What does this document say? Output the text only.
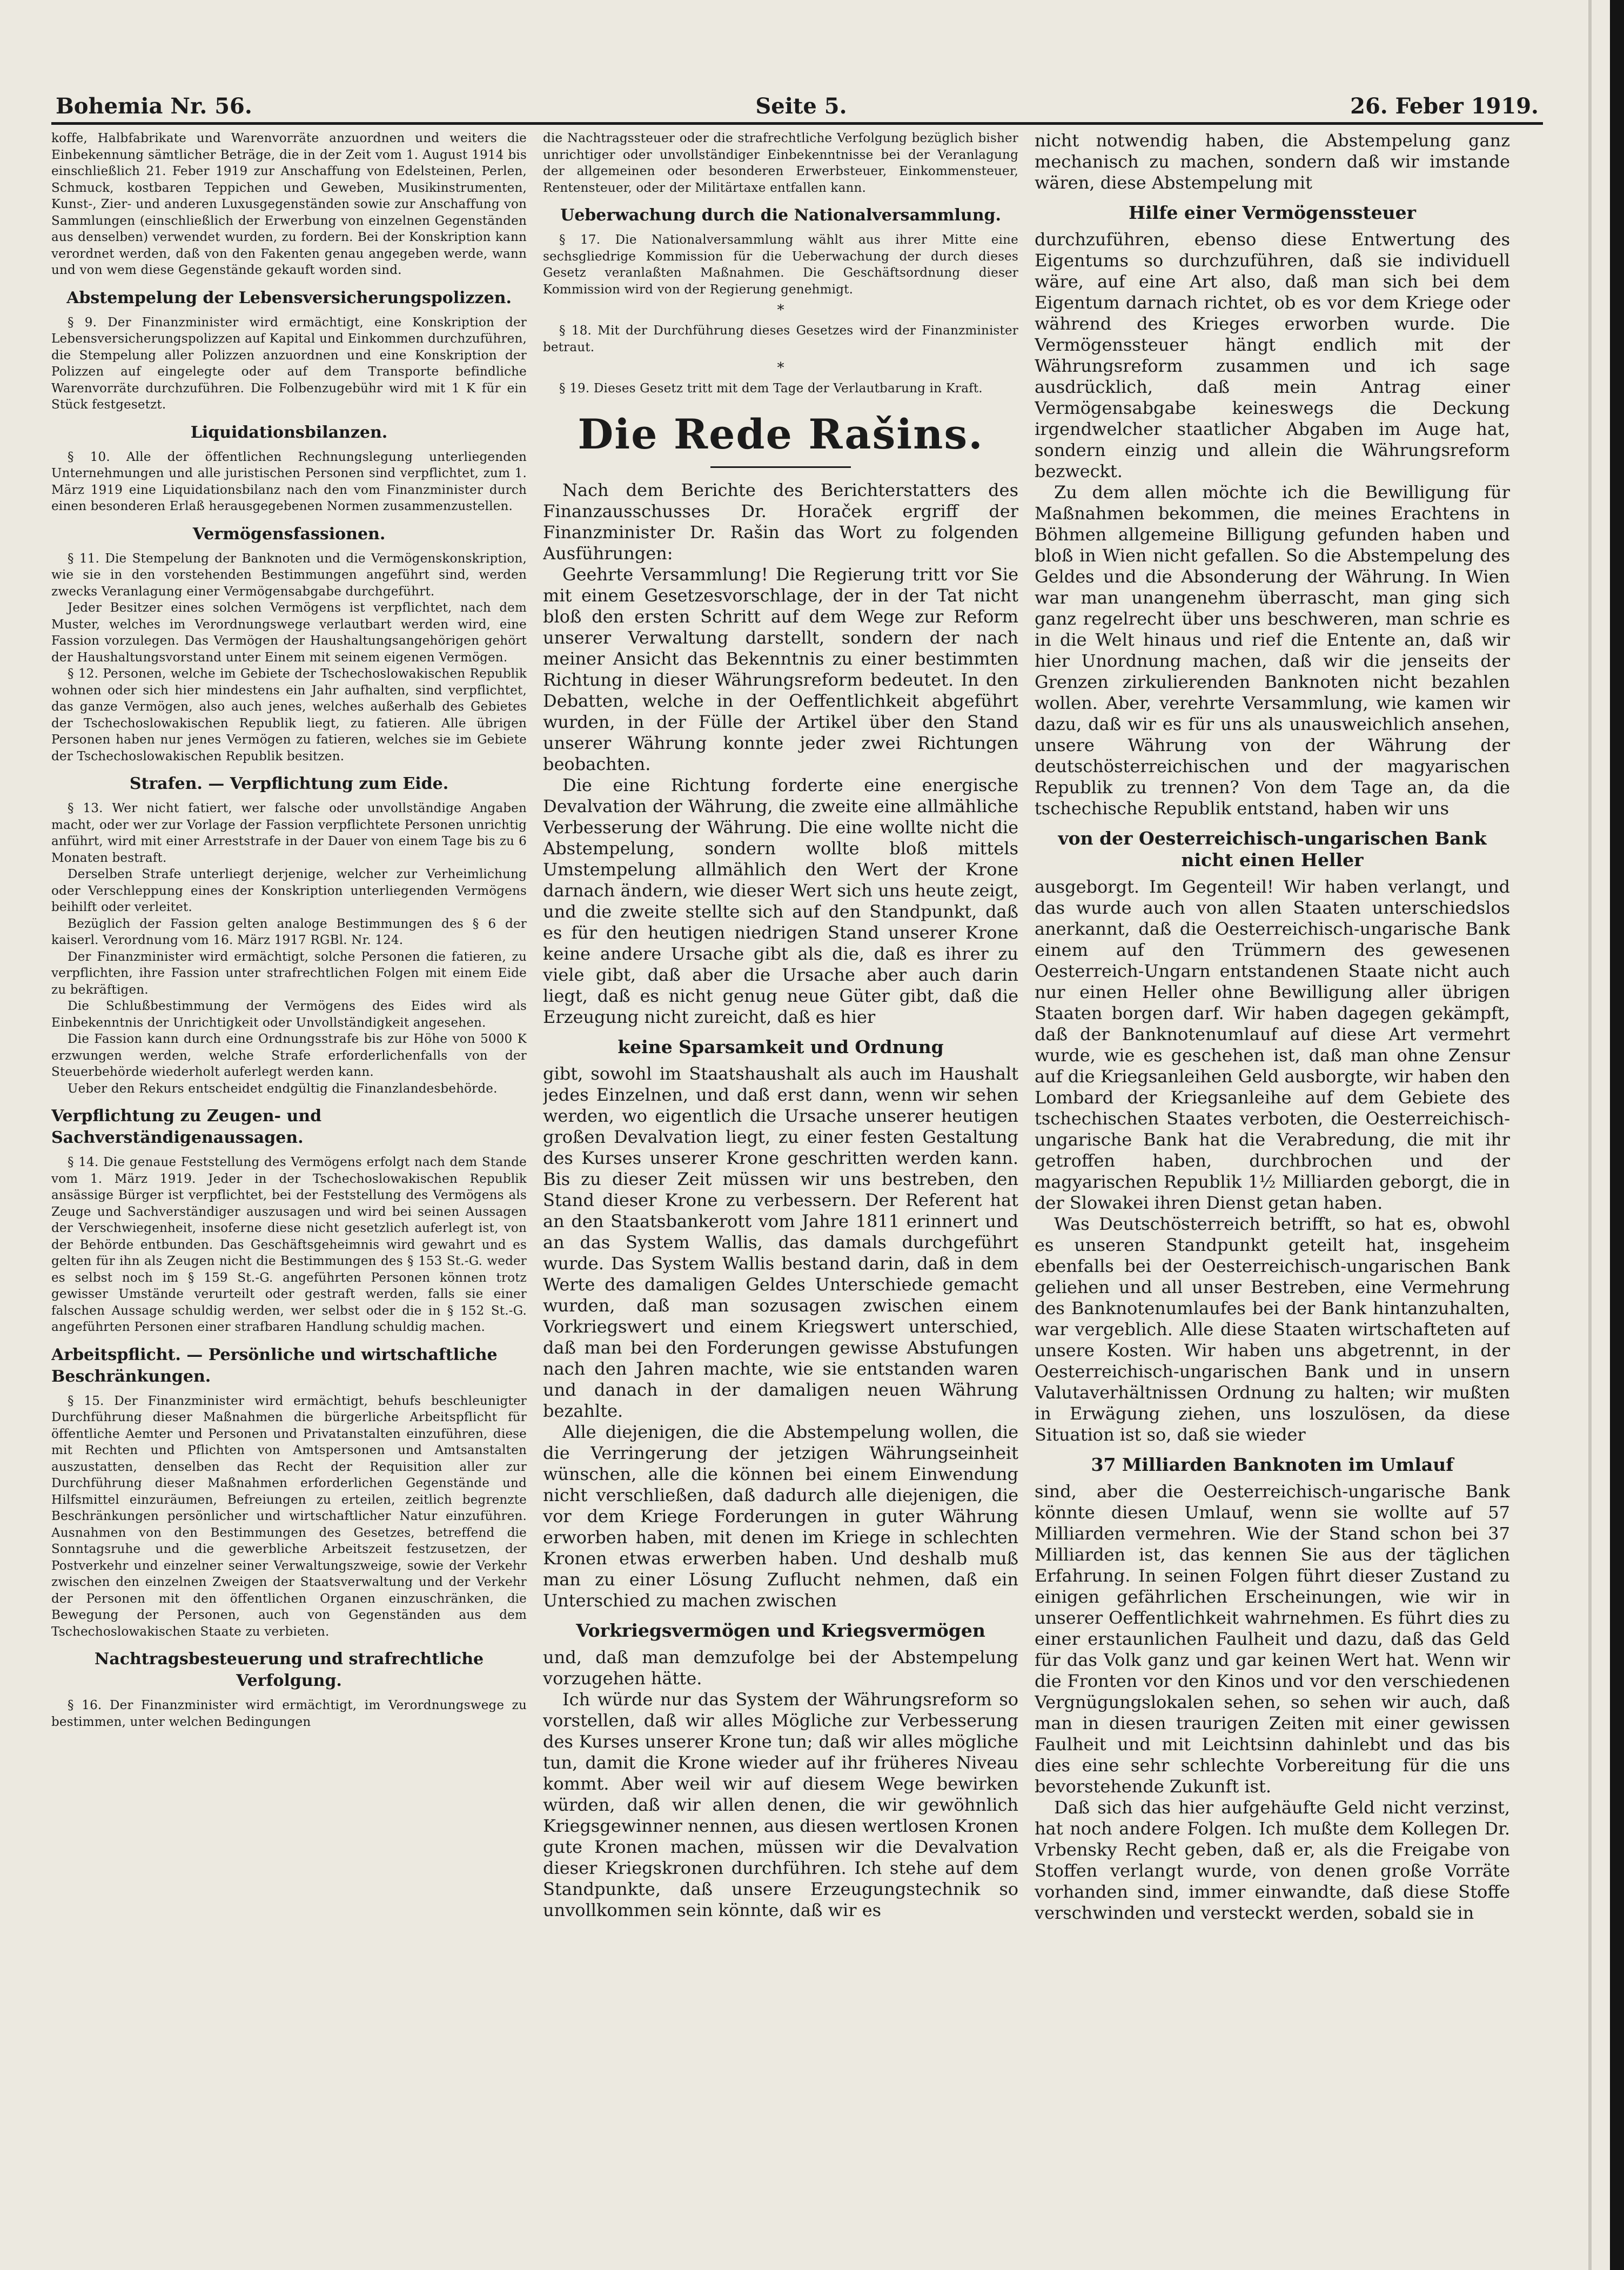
Bohemia Nr. 56.	Seite 5.	26. Feber 1919.

koffe, Halbfabrikate und Warenvorräte anzuordnen und weiters die Einbekennung sämtlicher Beträge, die in der Zeit vom 1. August 1914 bis einschließlich 21. Feber 1919 zur Anschaffung von Edelsteinen, Perlen, Schmuck, kostbaren Teppichen und Geweben, Musikinstrumenten, Kunst-, Zier- und anderen Luxusgegenständen sowie zur Anschaffung von Sammlungen (einschließlich der Erwerbung von einzelnen Gegenständen aus denselben) verwendet wurden, zu fordern. Bei der Konskription kann verordnet werden, daß von den Fakenten genau angegeben werde, wann und von wem diese Gegenstände gekauft worden sind.

Abstempelung der Lebensversicherungspolizzen.

§ 9. Der Finanzminister wird ermächtigt, eine Konskription der Lebensversicherungspolizzen auf Kapital und Einkommen durchzuführen, die Stempelung aller Polizzen anzuordnen und eine Konskription der Polizzen auf eingelegte oder auf dem Transporte befindliche Warenvorräte durchzuführen. Die Folbenzugebühr wird mit 1 K für ein Stück festgesetzt.

Liquidationsbilanzen.

§ 10. Alle der öffentlichen Rechnungslegung unterliegenden Unternehmungen und alle juristischen Personen sind verpflichtet, zum 1. März 1919 eine Liquidationsbilanz nach den vom Finanzminister durch einen besonderen Erlaß herausgegebenen Normen zusammenzustellen.

Vermögensfassionen.

§ 11. Die Stempelung der Banknoten und die Vermögenskonskription, wie sie in den vorstehenden Bestimmungen angeführt sind, werden zwecks Veranlagung einer Vermögensabgabe durchgeführt.

Jeder Besitzer eines solchen Vermögens ist verpflichtet, nach dem Muster, welches im Verordnungswege verlautbart werden wird, eine Fassion vorzulegen. Das Vermögen der Haushaltungsangehörigen gehört der Haushaltungsvorstand unter Einem mit seinem eigenen Vermögen.

§ 12. Personen, welche im Gebiete der Tschechoslowakischen Republik wohnen oder sich hier mindestens ein Jahr aufhalten, sind verpflichtet, das ganze Vermögen, also auch jenes, welches außerhalb des Gebietes der Tschechoslowakischen Republik liegt, zu fatieren. Alle übrigen Personen haben nur jenes Vermögen zu fatieren, welches sie im Gebiete der Tschechoslowakischen Republik besitzen.

Strafen. — Verpflichtung zum Eide.

§ 13. Wer nicht fatiert, wer falsche oder unvollständige Angaben macht, oder wer zur Vorlage der Fassion verpflichtete Personen unrichtig anführt, wird mit einer Arreststrafe in der Dauer von einem Tage bis zu 6 Monaten bestraft.

Derselben Strafe unterliegt derjenige, welcher zur Verheimlichung oder Verschleppung eines der Konskription unterliegenden Vermögens beihilft oder verleitet.

Bezüglich der Fassion gelten analoge Bestimmungen des § 6 der kaiserl. Verordnung vom 16. März 1917 RGBl. Nr. 124.

Der Finanzminister wird ermächtigt, solche Personen die fatieren, zu verpflichten, ihre Fassion unter strafrechtlichen Folgen mit einem Eide zu bekräftigen.

Die Schlußbestimmung der Vermögens des Eides wird als Einbekenntnis der Unrichtigkeit oder Unvollständigkeit angesehen.

Die Fassion kann durch eine Ordnungsstrafe bis zur Höhe von 5000 K erzwungen werden, welche Strafe erforderlichenfalls von der Steuerbehörde wiederholt auferlegt werden kann.

Ueber den Rekurs entscheidet endgültig die Finanzlandesbehörde.

Verpflichtung zu Zeugen- und Sachverständigenaussagen.

§ 14. Die genaue Feststellung des Vermögens erfolgt nach dem Stande vom 1. März 1919. Jeder in der Tschechoslowakischen Republik ansässige Bürger ist verpflichtet, bei der Feststellung des Vermögens als Zeuge und Sachverständiger auszusagen und wird bei seinen Aussagen der Verschwiegenheit, insoferne diese nicht gesetzlich auferlegt ist, von der Behörde entbunden. Das Geschäftsgeheimnis wird gewahrt und es gelten für ihn als Zeugen nicht die Bestimmungen des § 153 St.-G. weder es selbst noch im § 159 St.-G. angeführten Personen können trotz gewisser Umstände verurteilt oder gestraft werden, falls sie einer falschen Aussage schuldig werden, wer selbst oder die in § 152 St.-G. angeführten Personen einer strafbaren Handlung schuldig machen.

Arbeitspflicht. — Persönliche und wirtschaftliche Beschränkungen.

§ 15. Der Finanzminister wird ermächtigt, behufs beschleunigter Durchführung dieser Maßnahmen die bürgerliche Arbeitspflicht für öffentliche Aemter und Personen und Privatanstalten einzuführen, diese mit Rechten und Pflichten von Amtspersonen und Amtsanstalten auszustatten, denselben das Recht der Requisition aller zur Durchführung dieser Maßnahmen erforderlichen Gegenstände und Hilfsmittel einzuräumen, Befreiungen zu erteilen, zeitlich begrenzte Beschränkungen persönlicher und wirtschaftlicher Natur einzuführen. Ausnahmen von den Bestimmungen des Gesetzes, betreffend die Sonntagsruhe und die gewerbliche Arbeitszeit festzusetzen, der Postverkehr und einzelner seiner Verwaltungszweige, sowie der Verkehr zwischen den einzelnen Zweigen der Staatsverwaltung und der Verkehr der Personen mit den öffentlichen Organen einzuschränken, die Bewegung der Personen, auch von Gegenständen aus dem Tschechoslowakischen Staate zu verbieten.

Nachtragsbesteuerung und strafrechtliche Verfolgung.

§ 16. Der Finanzminister wird ermächtigt, im Verordnungswege zu bestimmen, unter welchen Bedingungen

die Nachtragssteuer oder die strafrechtliche Verfolgung bezüglich bisher unrichtiger oder unvollständiger Einbekenntnisse bei der Veranlagung der allgemeinen oder besonderen Erwerbsteuer, Einkommensteuer, Rentensteuer, oder der Militärtaxe entfallen kann.

Ueberwachung durch die Nationalversammlung.

§ 17. Die Nationalversammlung wählt aus ihrer Mitte eine sechsgliedrige Kommission für die Ueberwachung der durch dieses Gesetz veranlaßten Maßnahmen. Die Geschäftsordnung dieser Kommission wird von der Regierung genehmigt.

*

§ 18. Mit der Durchführung dieses Gesetzes wird der Finanzminister betraut.

*

§ 19. Dieses Gesetz tritt mit dem Tage der Verlautbarung in Kraft.

Die Rede Rašins.

Nach dem Berichte des Berichterstatters des Finanzausschusses Dr. Horaček ergriff der Finanzminister Dr. Rašin das Wort zu folgenden Ausführungen:

Geehrte Versammlung! Die Regierung tritt vor Sie mit einem Gesetzesvorschlage, der in der Tat nicht bloß den ersten Schritt auf dem Wege zur Reform unserer Verwaltung darstellt, sondern der nach meiner Ansicht das Bekenntnis zu einer bestimmten Richtung in dieser Währungsreform bedeutet. In den Debatten, welche in der Oeffentlichkeit abgeführt wurden, in der Fülle der Artikel über den Stand unserer Währung konnte jeder zwei Richtungen beobachten.

Die eine Richtung forderte eine energische Devalvation der Währung, die zweite eine allmähliche Verbesserung der Währung. Die eine wollte nicht die Abstempelung, sondern wollte bloß mittels Umstempelung allmählich den Wert der Krone darnach ändern, wie dieser Wert sich uns heute zeigt, und die zweite stellte sich auf den Standpunkt, daß es für den heutigen niedrigen Stand unserer Krone keine andere Ursache gibt als die, daß es ihrer zu viele gibt, daß aber die Ursache aber auch darin liegt, daß es nicht genug neue Güter gibt, daß die Erzeugung nicht zureicht, daß es hier

keine Sparsamkeit und Ordnung

gibt, sowohl im Staatshaushalt als auch im Haushalt jedes Einzelnen, und daß erst dann, wenn wir sehen werden, wo eigentlich die Ursache unserer heutigen großen Devalvation liegt, zu einer festen Gestaltung des Kurses unserer Krone geschritten werden kann. Bis zu dieser Zeit müssen wir uns bestreben, den Stand dieser Krone zu verbessern. Der Referent hat an den Staatsbankerott vom Jahre 1811 erinnert und an das System Wallis, das damals durchgeführt wurde. Das System Wallis bestand darin, daß in dem Werte des damaligen Geldes Unterschiede gemacht wurden, daß man sozusagen zwischen einem Vorkriegswert und einem Kriegswert unterschied, daß man bei den Forderungen gewisse Abstufungen nach den Jahren machte, wie sie entstanden waren und danach in der damaligen neuen Währung bezahlte.

Alle diejenigen, die die Abstempelung wollen, die die Verringerung der jetzigen Währungseinheit wünschen, alle die können bei einem Einwendung nicht verschließen, daß dadurch alle diejenigen, die vor dem Kriege Forderungen in guter Währung erworben haben, mit denen im Kriege in schlechten Kronen etwas erwerben haben. Und deshalb muß man zu einer Lösung Zuflucht nehmen, daß ein Unterschied zu machen zwischen

Vorkriegsvermögen und Kriegsvermögen

und, daß man demzufolge bei der Abstempelung vorzugehen hätte.

Ich würde nur das System der Währungsreform so vorstellen, daß wir alles Mögliche zur Verbesserung des Kurses unserer Krone tun; daß wir alles mögliche tun, damit die Krone wieder auf ihr früheres Niveau kommt. Aber weil wir auf diesem Wege bewirken würden, daß wir allen denen, die wir gewöhnlich Kriegsgewinner nennen, aus diesen wertlosen Kronen gute Kronen machen, müssen wir die Devalvation dieser Kriegskronen durchführen. Ich stehe auf dem Standpunkte, daß unsere Erzeugungstechnik so unvollkommen sein könnte, daß wir es

nicht notwendig haben, die Abstempelung ganz mechanisch zu machen, sondern daß wir imstande wären, diese Abstempelung mit

Hilfe einer Vermögenssteuer

durchzuführen, ebenso diese Entwertung des Eigentums so durchzuführen, daß sie individuell wäre, auf eine Art also, daß man sich bei dem Eigentum darnach richtet, ob es vor dem Kriege oder während des Krieges erworben wurde. Die Vermögenssteuer hängt endlich mit der Währungsreform zusammen und ich sage ausdrücklich, daß mein Antrag einer Vermögensabgabe keineswegs die Deckung irgendwelcher staatlicher Abgaben im Auge hat, sondern einzig und allein die Währungsreform bezweckt.

Zu dem allen möchte ich die Bewilligung für Maßnahmen bekommen, die meines Erachtens in Böhmen allgemeine Billigung gefunden haben und bloß in Wien nicht gefallen. So die Abstempelung des Geldes und die Absonderung der Währung. In Wien war man unangenehm überrascht, man ging sich ganz regelrecht über uns beschweren, man schrie es in die Welt hinaus und rief die Entente an, daß wir hier Unordnung machen, daß wir die jenseits der Grenzen zirkulierenden Banknoten nicht bezahlen wollen. Aber, verehrte Versammlung, wie kamen wir dazu, daß wir es für uns als unausweichlich ansehen, unsere Währung von der Währung der deutschösterreichischen und der magyarischen Republik zu trennen? Von dem Tage an, da die tschechische Republik entstand, haben wir uns

von der Oesterreichisch-ungarischen Bank nicht einen Heller

ausgeborgt. Im Gegenteil! Wir haben verlangt, und das wurde auch von allen Staaten unterschiedslos anerkannt, daß die Oesterreichisch-ungarische Bank einem auf den Trümmern des gewesenen Oesterreich-Ungarn entstandenen Staate nicht auch nur einen Heller ohne Bewilligung aller übrigen Staaten borgen darf. Wir haben dagegen gekämpft, daß der Banknotenumlauf auf diese Art vermehrt wurde, wie es geschehen ist, daß man ohne Zensur auf die Kriegsanleihen Geld ausborgte, wir haben den Lombard der Kriegsanleihe auf dem Gebiete des tschechischen Staates verboten, die Oesterreichisch-ungarische Bank hat die Verabredung, die mit ihr getroffen haben, durchbrochen und der magyarischen Republik 1½ Milliarden geborgt, die in der Slowakei ihren Dienst getan haben.

Was Deutschösterreich betrifft, so hat es, obwohl es unseren Standpunkt geteilt hat, insgeheim ebenfalls bei der Oesterreichisch-ungarischen Bank geliehen und all unser Bestreben, eine Vermehrung des Banknotenumlaufes bei der Bank hintanzuhalten, war vergeblich. Alle diese Staaten wirtschafteten auf unsere Kosten. Wir haben uns abgetrennt, in der Oesterreichisch-ungarischen Bank und in unsern Valutaverhältnissen Ordnung zu halten; wir mußten in Erwägung ziehen, uns loszulösen, da diese Situation ist so, daß sie wieder

37 Milliarden Banknoten im Umlauf

sind, aber die Oesterreichisch-ungarische Bank könnte diesen Umlauf, wenn sie wollte auf 57 Milliarden vermehren. Wie der Stand schon bei 37 Milliarden ist, das kennen Sie aus der täglichen Erfahrung. In seinen Folgen führt dieser Zustand zu einigen gefährlichen Erscheinungen, wie wir in unserer Oeffentlichkeit wahrnehmen. Es führt dies zu einer erstaunlichen Faulheit und dazu, daß das Geld für das Volk ganz und gar keinen Wert hat. Wenn wir die Fronten vor den Kinos und vor den verschiedenen Vergnügungslokalen sehen, so sehen wir auch, daß man in diesen traurigen Zeiten mit einer gewissen Faulheit und mit Leichtsinn dahinlebt und das bis dies eine sehr schlechte Vorbereitung für die uns bevorstehende Zukunft ist.

Daß sich das hier aufgehäufte Geld nicht verzinst, hat noch andere Folgen. Ich mußte dem Kollegen Dr. Vrbensky Recht geben, daß er, als die Freigabe von Stoffen verlangt wurde, von denen große Vorräte vorhanden sind, immer einwandte, daß diese Stoffe verschwinden und versteckt werden, sobald sie in
